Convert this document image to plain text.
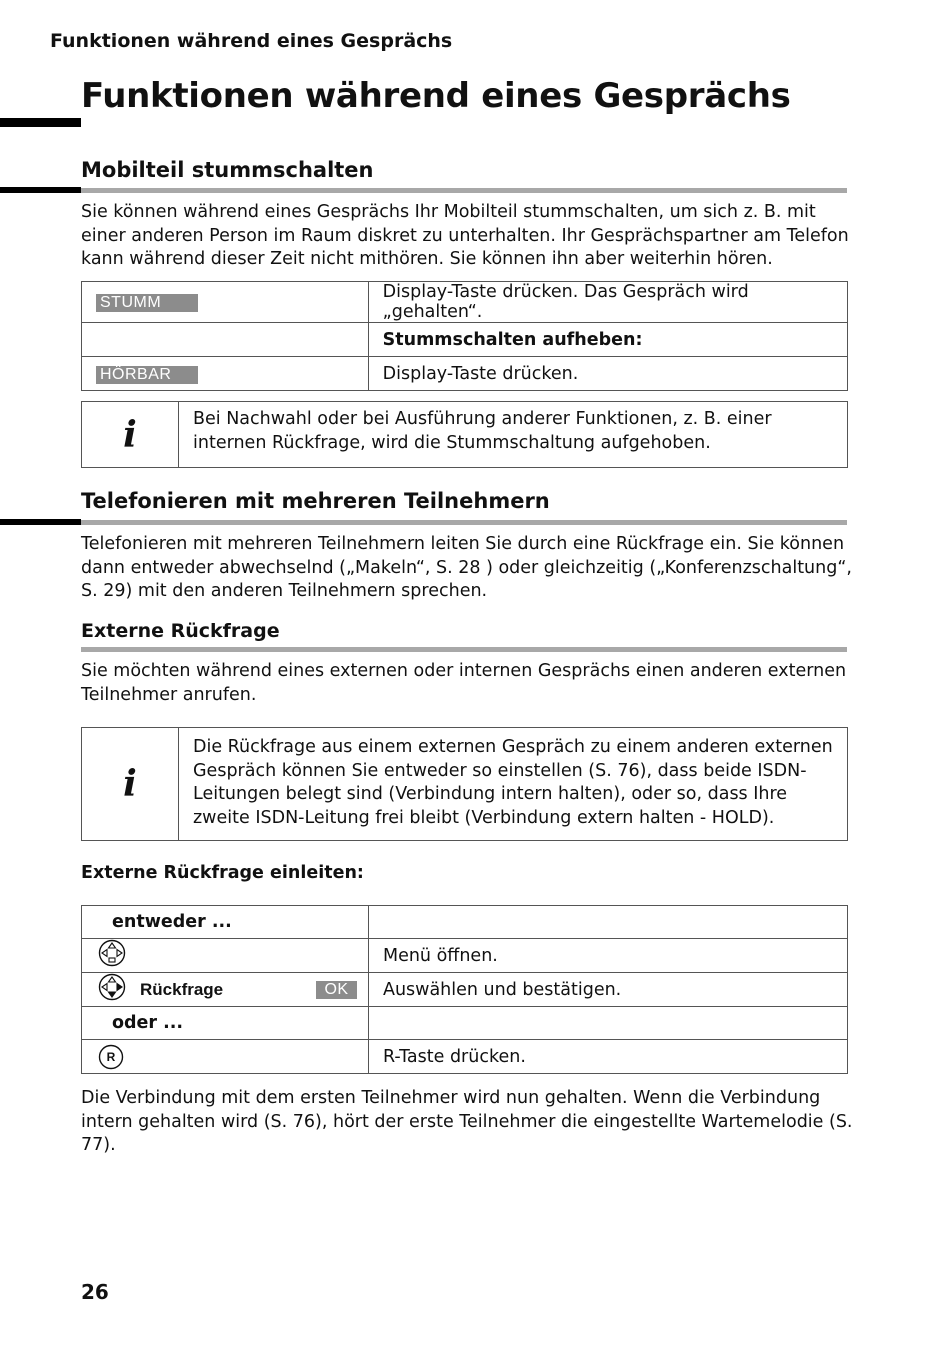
Funktionen während eines Gesprächs
Funktionen während eines Gesprächs
Mobilteil stummschalten
Sie können während eines Gesprächs Ihr Mobilteil stummschalten, um sich z. B. mit einer anderen Person im Raum diskret zu unterhalten. Ihr Gesprächspartner am Telefon kann während dieser Zeit nicht mithören. Sie können ihn aber weiterhin hören.
STUMM	Display-Taste drücken. Das Gespräch wird „gehalten“.
	Stummschalten aufheben:
HÖRBAR	Display-Taste drücken.
i	Bei Nachwahl oder bei Ausführung anderer Funktionen, z. B. einer internen Rückfrage, wird die Stummschaltung aufgehoben.
Telefonieren mit mehreren Teilnehmern
Telefonieren mit mehreren Teilnehmern leiten Sie durch eine Rückfrage ein. Sie können dann entweder abwechselnd („Makeln“, S. 28 ) oder gleichzeitig („Konferenzschaltung“, S. 29) mit den anderen Teilnehmern sprechen.
Externe Rückfrage
Sie möchten während eines externen oder internen Gesprächs einen anderen externen Teilnehmer anrufen.
i
Die Rückfrage aus einem externen Gespräch zu einem anderen externen Gespräch können Sie entweder so einstellen (S. 76), dass beide ISDN-Leitungen belegt sind (Verbindung intern halten), oder so, dass Ihre zweite ISDN-Leitung frei bleibt (Verbindung extern halten - HOLD).
Externe Rückfrage einleiten:
entweder ...	
	Menü öffnen.

Rückfrage OK	Auswählen und bestätigen.
oder ...	

R	R-Taste drücken.
Die Verbindung mit dem ersten Teilnehmer wird nun gehalten. Wenn die Verbindung intern gehalten wird (S. 76), hört der erste Teilnehmer die eingestellte Wartemelodie (S. 77).
26
